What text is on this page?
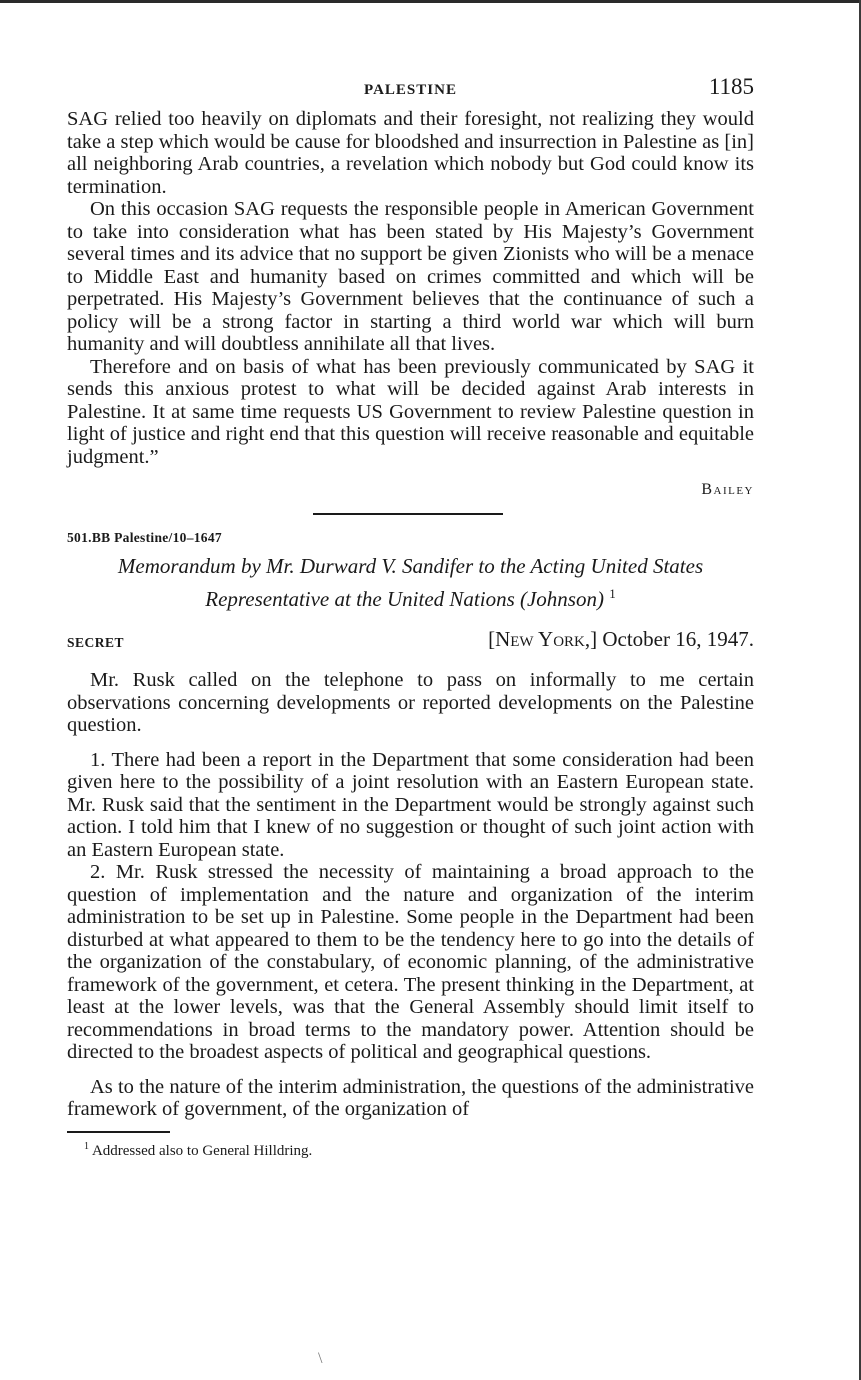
PALESTINE	1185

SAG relied too heavily on diplomats and their foresight, not realizing they would take a step which would be cause for bloodshed and insurrection in Palestine as [in] all neighboring Arab countries, a revelation which nobody but God could know its termination.

On this occasion SAG requests the responsible people in American Government to take into consideration what has been stated by His Majesty’s Government several times and its advice that no support be given Zionists who will be a menace to Middle East and humanity based on crimes committed and which will be perpetrated. His Majesty’s Government believes that the continuance of such a policy will be a strong factor in starting a third world war which will burn humanity and will doubtless annihilate all that lives.

Therefore and on basis of what has been previously communicated by SAG it sends this anxious protest to what will be decided against Arab interests in Palestine. It at same time requests US Government to review Palestine question in light of justice and right end that this question will receive reasonable and equitable judgment.”

Bailey
501.BB Palestine/10–1647
Memorandum by Mr. Durward V. Sandifer to the Acting United States Representative at the United Nations (Johnson) $^1$
SECRET	[New York,] October 16, 1947.

Mr. Rusk called on the telephone to pass on informally to me certain observations concerning developments or reported developments on the Palestine question.

1. There had been a report in the Department that some consideration had been given here to the possibility of a joint resolution with an Eastern European state. Mr. Rusk said that the sentiment in the Department would be strongly against such action. I told him that I knew of no suggestion or thought of such joint action with an Eastern European state.

2. Mr. Rusk stressed the necessity of maintaining a broad approach to the question of implementation and the nature and organization of the interim administration to be set up in Palestine. Some people in the Department had been disturbed at what appeared to them to be the tendency here to go into the details of the organization of the constabulary, of economic planning, of the administrative framework of the government, et cetera. The present thinking in the Department, at least at the lower levels, was that the General Assembly should limit itself to recommendations in broad terms to the mandatory power. Attention should be directed to the broadest aspects of political and geographical questions.

As to the nature of the interim administration, the questions of the administrative framework of government, of the organization of

$^1$ Addressed also to General Hilldring.
\
